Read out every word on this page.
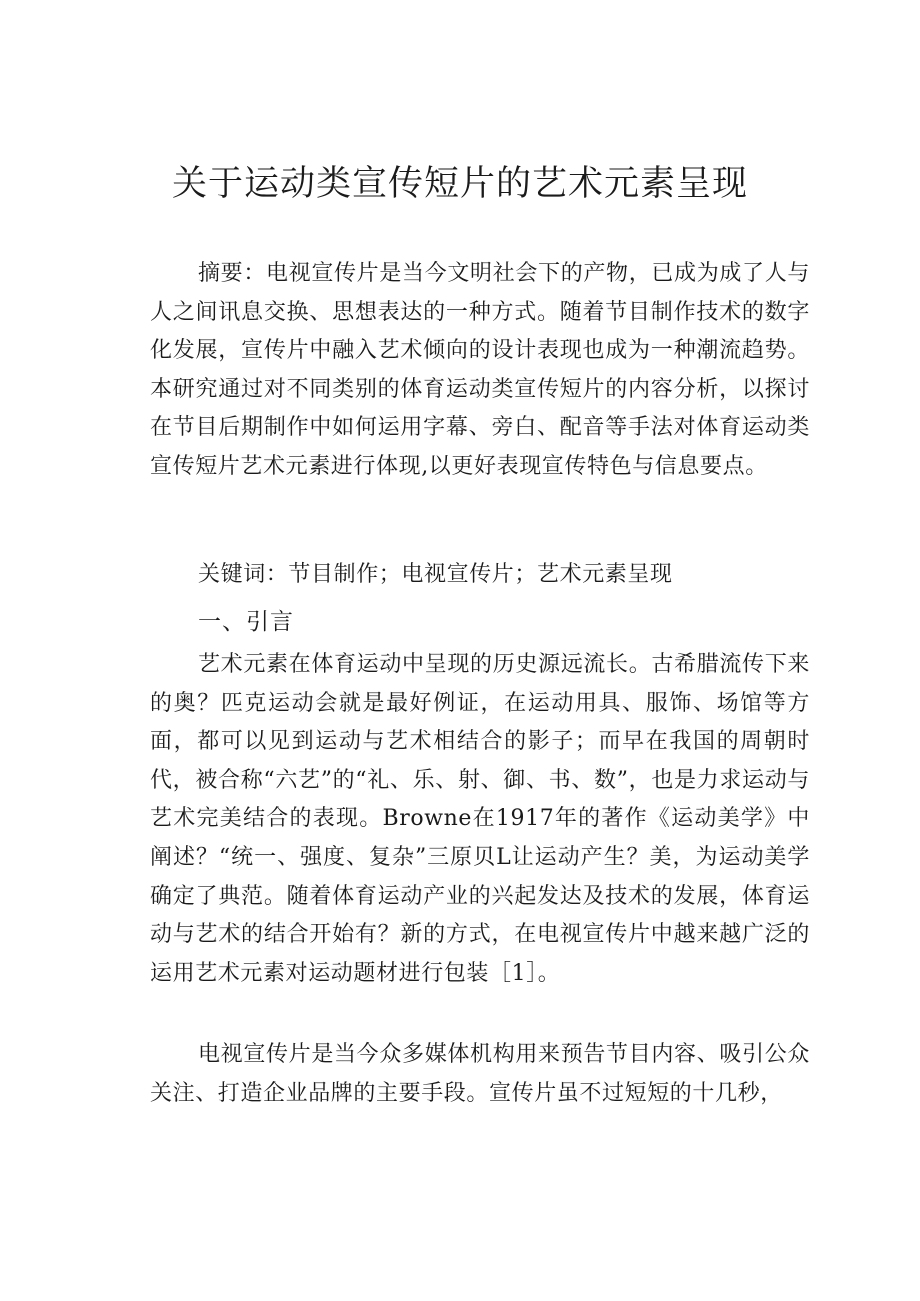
关于运动类宣传短片的艺术元素呈现

摘要：电视宣传片是当今文明社会下的产物，已成为成了人与人之间讯息交换、思想表达的一种方式。随着节目制作技术的数字化发展，宣传片中融入艺术倾向的设计表现也成为一种潮流趋势。本研究通过对不同类别的体育运动类宣传短片的内容分析，以探讨在节目后期制作中如何运用字幕、旁白、配音等手法对体育运动类宣传短片艺术元素进行体现,以更好表现宣传特色与信息要点。

关键词：节目制作；电视宣传片；艺术元素呈现

一、引言

艺术元素在体育运动中呈现的历史源远流长。古希腊流传下来的奥？匹克运动会就是最好例证，在运动用具、服饰、场馆等方面，都可以见到运动与艺术相结合的影子；而早在我国的周朝时代，被合称“六艺”的“礼、乐、射、御、书、数”，也是力求运动与艺术完美结合的表现。Browne在1917年的著作《运动美学》中阐述？“统一、强度、复杂”三原贝L让运动产生？美，为运动美学确定了典范。随着体育运动产业的兴起发达及技术的发展，体育运动与艺术的结合开始有？新的方式，在电视宣传片中越来越广泛的运用艺术元素对运动题材进行包装［1］。

电视宣传片是当今众多媒体机构用来预告节目内容、吸引公众关注、打造企业品牌的主要手段。宣传片虽不过短短的十几秒，
